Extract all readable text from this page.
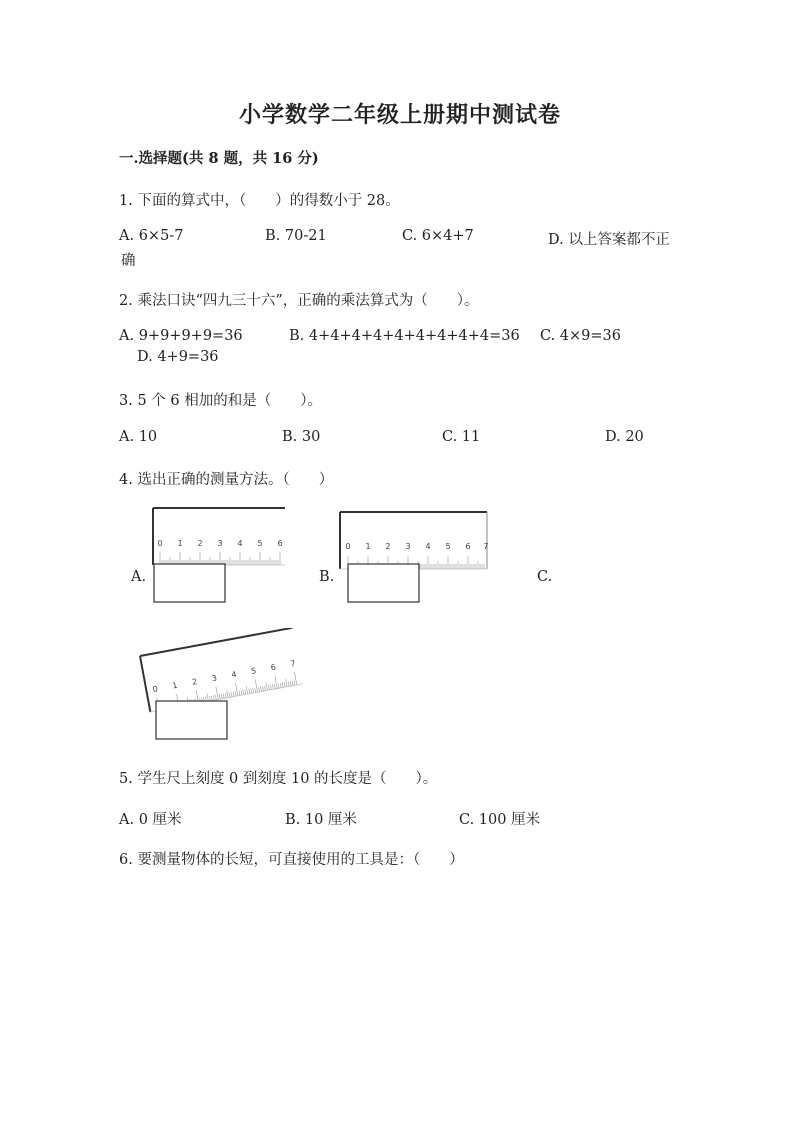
小学数学二年级上册期中测试卷
一.选择题(共 8 题，共 16 分)
1. 下面的算式中，（　　）的得数小于 28。
A. 6×5-7	B. 70-21	C. 6×4+7	D. 以上答案都不正
确
2. 乘法口诀“四九三十六”，正确的乘法算式为（　　）。
A. 9+9+9+9=36	B. 4+4+4+4+4+4+4+4+4=36 C. 4×9=36
D. 4+9=36
3. 5 个 6 相加的和是（　　）。
A. 10	B. 30	C. 11	D. 20
4. 选出正确的测量方法。（　　）
A.	B.	C.
0 1 2 3 4 5 6	0 1 2 3 4 5 6 7
0 1 2 3 4 5 6 7
5. 学生尺上刻度 0 到刻度 10 的长度是（　　）。
A. 0 厘米	B. 10 厘米	C. 100 厘米
6. 要测量物体的长短，可直接使用的工具是：（　　）
